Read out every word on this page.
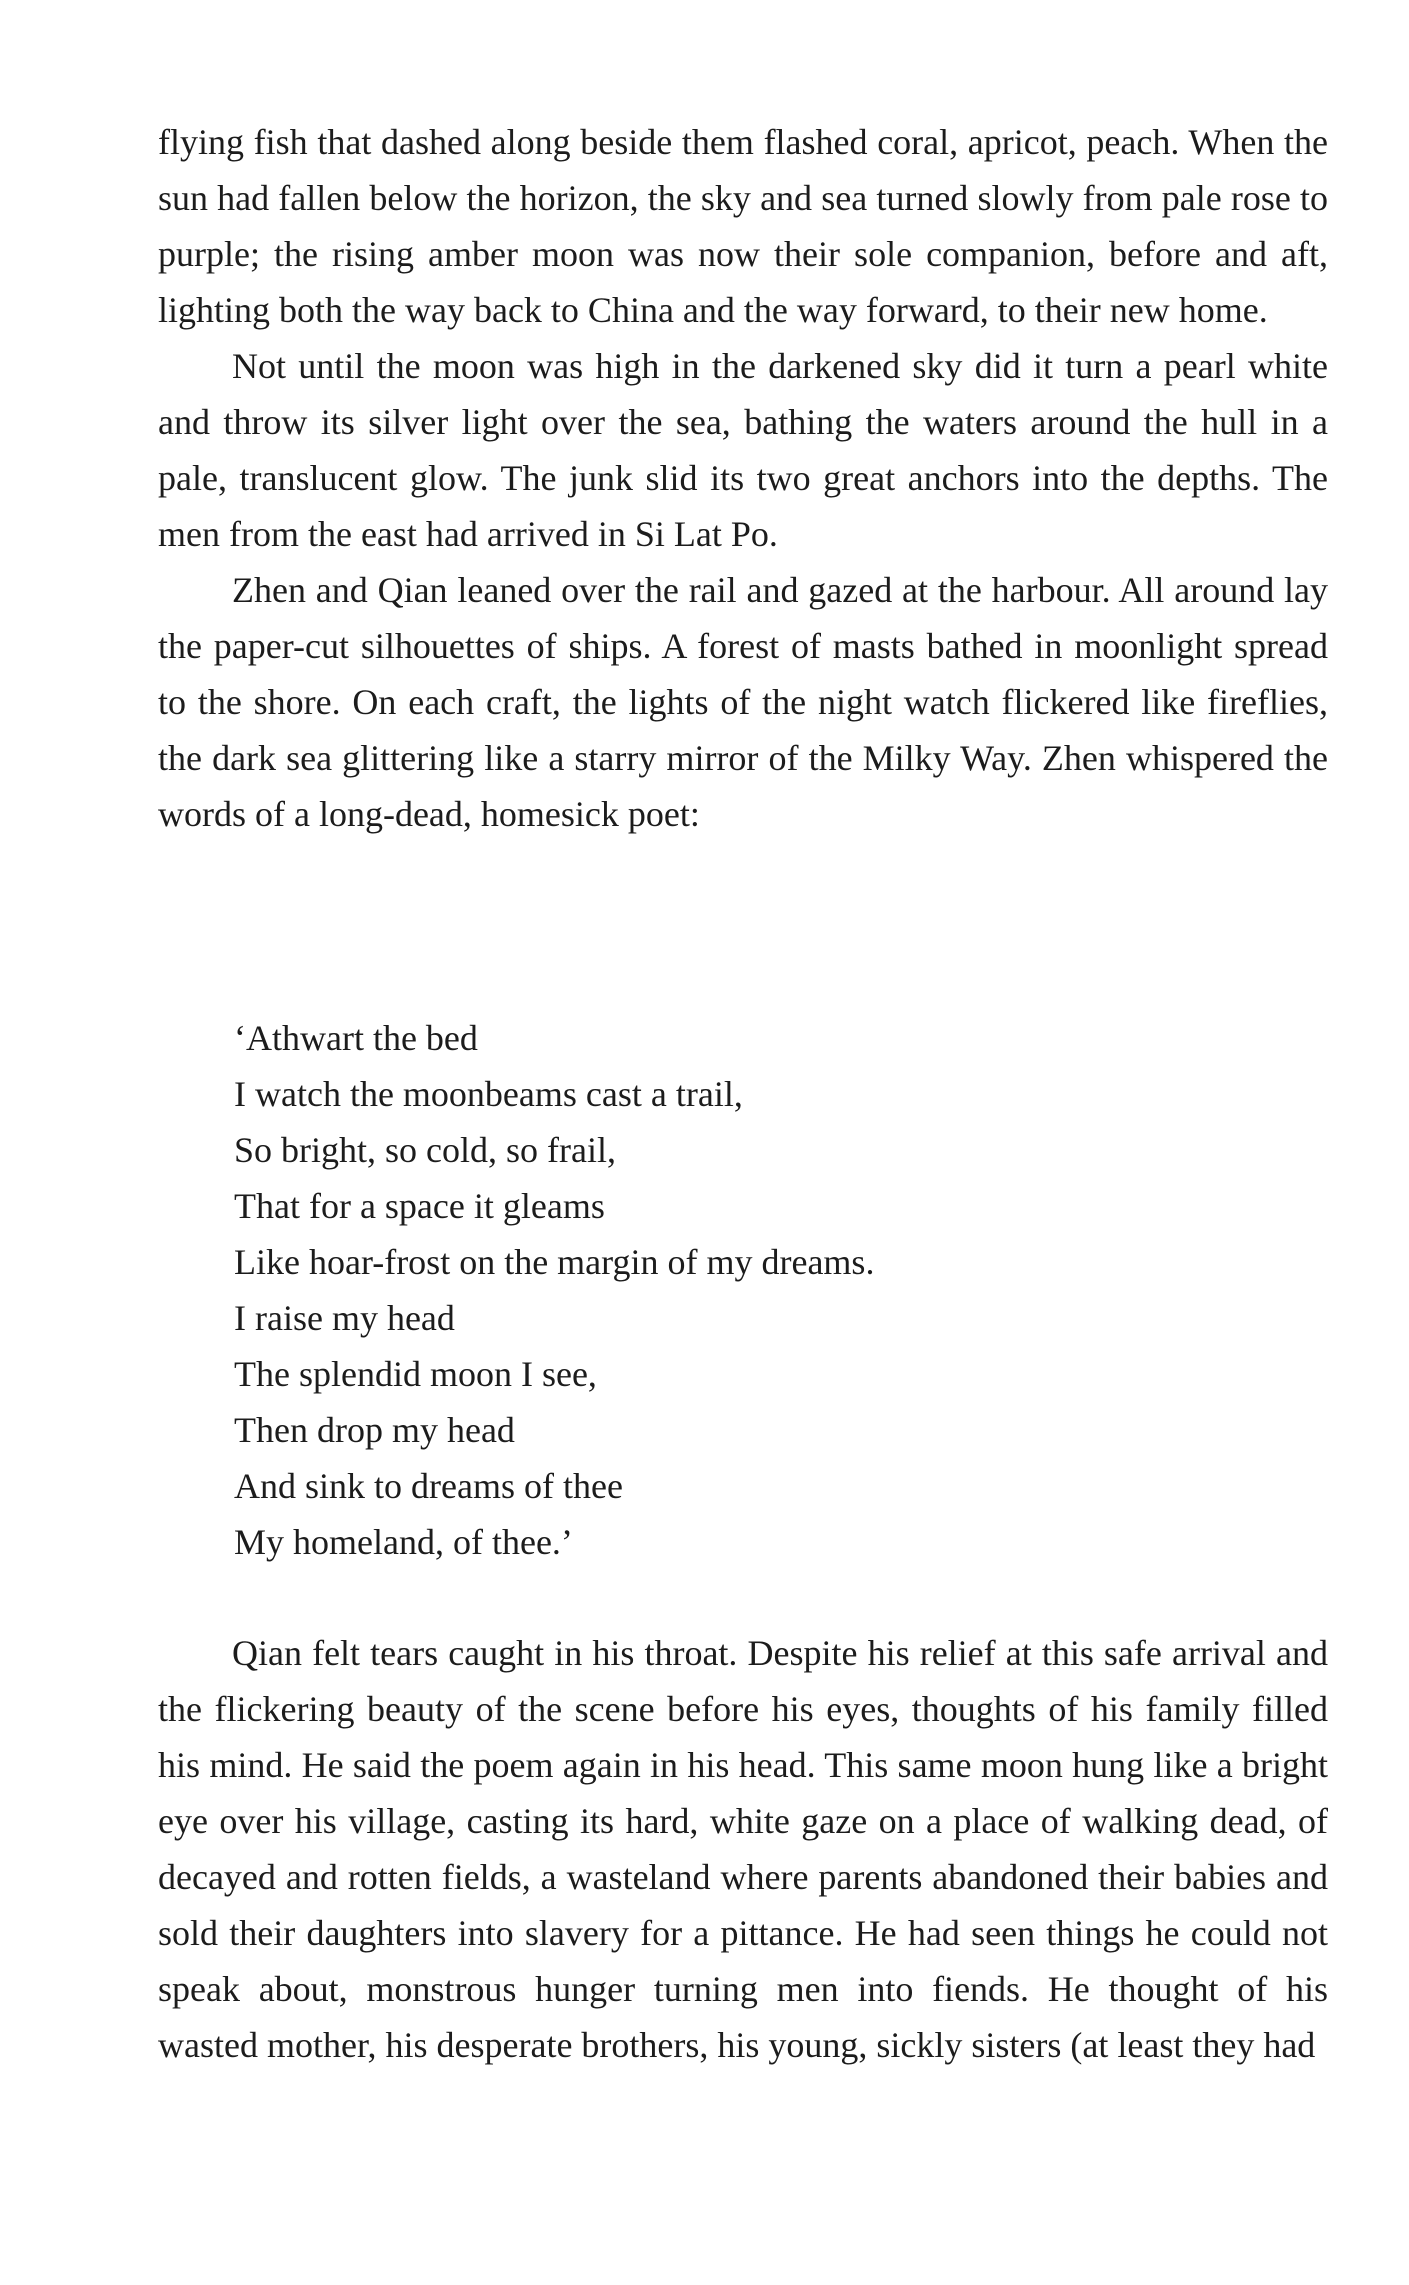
flying fish that dashed along beside them flashed coral, apricot, peach. When the sun had fallen below the horizon, the sky and sea turned slowly from pale rose to purple; the rising amber moon was now their sole companion, before and aft, lighting both the way back to China and the way forward, to their new home.

Not until the moon was high in the darkened sky did it turn a pearl white and throw its silver light over the sea, bathing the waters around the hull in a pale, translucent glow. The junk slid its two great anchors into the depths. The men from the east had arrived in Si Lat Po.

Zhen and Qian leaned over the rail and gazed at the harbour. All around lay the paper-cut silhouettes of ships. A forest of masts bathed in moonlight spread to the shore. On each craft, the lights of the night watch flickered like fireflies, the dark sea glittering like a starry mirror of the Milky Way. Zhen whispered the words of a long-dead, homesick poet:

‘Athwart the bed
I watch the moonbeams cast a trail,
So bright, so cold, so frail,
That for a space it gleams
Like hoar-frost on the margin of my dreams.
I raise my head
The splendid moon I see,
Then drop my head
And sink to dreams of thee
My homeland, of thee.’

Qian felt tears caught in his throat. Despite his relief at this safe arrival and the flickering beauty of the scene before his eyes, thoughts of his family filled his mind. He said the poem again in his head. This same moon hung like a bright eye over his village, casting its hard, white gaze on a place of walking dead, of decayed and rotten fields, a wasteland where parents abandoned their babies and sold their daughters into slavery for a pittance. He had seen things he could not speak about, monstrous hunger turning men into fiends. He thought of his wasted mother, his desperate brothers, his young, sickly sisters (at least they had
